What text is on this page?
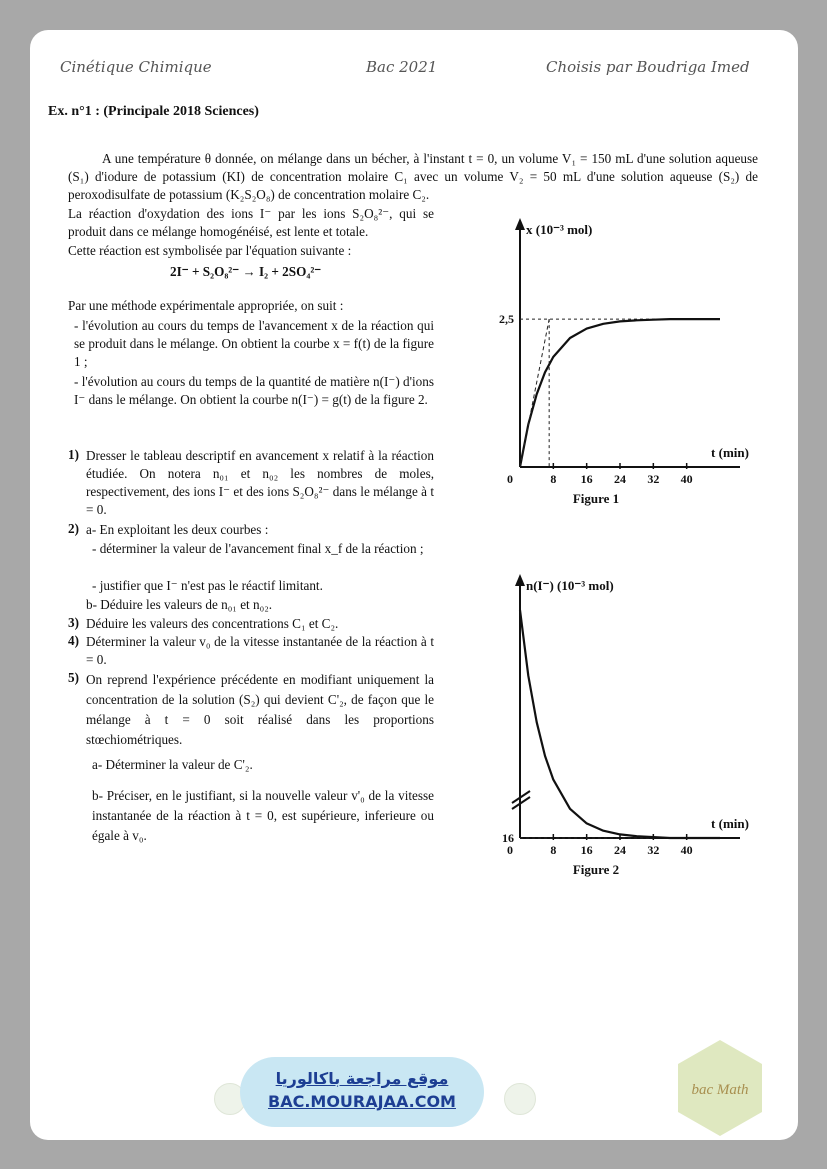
Cinétique Chimique	Bac 2021	Choisis par Boudriga Imed
Ex. n°1 : (Principale 2018 Sciences)
A une température θ donnée, on mélange dans un bécher, à l'instant t = 0, un volume V₁ = 150 mL d'une solution aqueuse (S₁) d'iodure de potassium (KI) de concentration molaire C₁ avec un volume V₂ = 50 mL d'une solution aqueuse (S₂) de peroxodisulfate de potassium (K₂S₂O₈) de concentration molaire C₂.
La réaction d'oxydation des ions I⁻ par les ions S₂O₈²⁻, qui se produit dans ce mélange homogénéisé, est lente et totale.
Cette réaction est symbolisée par l'équation suivante :
2I⁻ + S₂O₈²⁻ → I₂ + 2SO₄²⁻
Par une méthode expérimentale appropriée, on suit :
- l'évolution au cours du temps de l'avancement x de la réaction qui se produit dans le mélange. On obtient la courbe x = f(t) de la figure 1 ;
- l'évolution au cours du temps de la quantité de matière n(I⁻) d'ions I⁻ dans le mélange. On obtient la courbe n(I⁻) = g(t) de la figure 2.
1) Dresser le tableau descriptif en avancement x relatif à la réaction étudiée. On notera n₀₁ et n₀₂ les nombres de moles, respectivement, des ions I⁻ et des ions S₂O₈²⁻ dans le mélange à t = 0.
2) a- En exploitant les deux courbes :
- déterminer la valeur de l'avancement final x_f de la réaction ;
- justifier que I⁻ n'est pas le réactif limitant.
b- Déduire les valeurs de n₀₁ et n₀₂.
3) Déduire les valeurs des concentrations C₁ et C₂.
4) Déterminer la valeur v₀ de la vitesse instantanée de la réaction à t = 0.
5) On reprend l'expérience précédente en modifiant uniquement la concentration de la solution (S₂) qui devient C'₂, de façon que le mélange à t = 0 soit réalisé dans les proportions stœchiométriques.
a- Déterminer la valeur de C'₂.
b- Préciser, en le justifiant, si la nouvelle valeur v'₀ de la vitesse instantanée de la réaction à t = 0, est supérieure, inferieure ou égale à v₀.
0	8 16 24 32 40
t (min)
x (10⁻³ mol)
2,5
Figure 1
0	8 16 24 32 40
t (min)
n(I⁻) (10⁻³ mol)
16
Figure 2
موقع مراجعة باكالوريا
BAC.MOURAJAA.COM
bac Math
